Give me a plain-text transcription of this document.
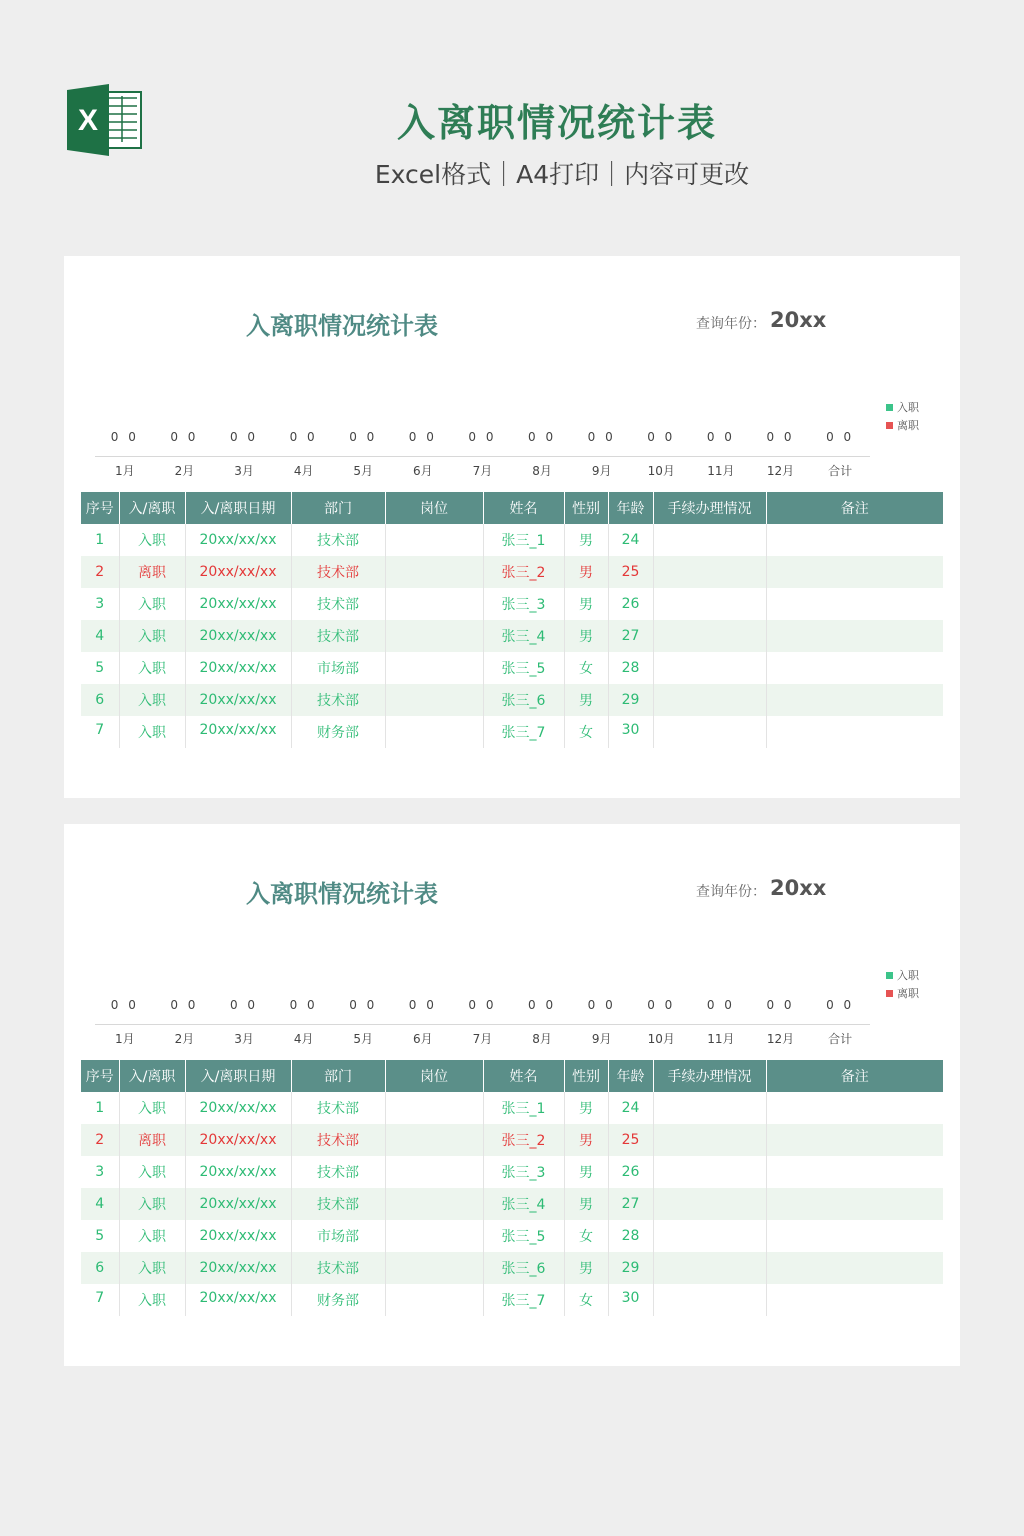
X	入离职情况统计表
Excel格式｜A4打印｜内容可更改
入离职情况统计表	查询年份： 20xx
入职
离职
0 0	0 0	0 0	0 0	0 0	0 0	0 0	0 0	0 0	0 0	0 0	0 0	0 0
1月	2月	3月	4月	5月	6月	7月	8月	9月	10月	11月	12月	合计
序号	入/离职	入/离职日期	部门	岗位	姓名	性别	年龄	手续办理情况	备注
1	入职	20xx/xx/xx	技术部		张三_1	男	24		
2	离职	20xx/xx/xx	技术部		张三_2	男	25		
3	入职	20xx/xx/xx	技术部		张三_3	男	26		
4	入职	20xx/xx/xx	技术部		张三_4	男	27		
5	入职	20xx/xx/xx	市场部		张三_5	女	28		
6	入职	20xx/xx/xx	技术部		张三_6	男	29		
7	入职	20xx/xx/xx	财务部		张三_7	女	30		
入离职情况统计表	查询年份： 20xx
入职
离职
0 0	0 0	0 0	0 0	0 0	0 0	0 0	0 0	0 0	0 0	0 0	0 0	0 0
1月	2月	3月	4月	5月	6月	7月	8月	9月	10月	11月	12月	合计
序号	入/离职	入/离职日期	部门	岗位	姓名	性别	年龄	手续办理情况	备注
1	入职	20xx/xx/xx	技术部		张三_1	男	24		
2	离职	20xx/xx/xx	技术部		张三_2	男	25		
3	入职	20xx/xx/xx	技术部		张三_3	男	26		
4	入职	20xx/xx/xx	技术部		张三_4	男	27		
5	入职	20xx/xx/xx	市场部		张三_5	女	28		
6	入职	20xx/xx/xx	技术部		张三_6	男	29		
7	入职	20xx/xx/xx	财务部		张三_7	女	30		
